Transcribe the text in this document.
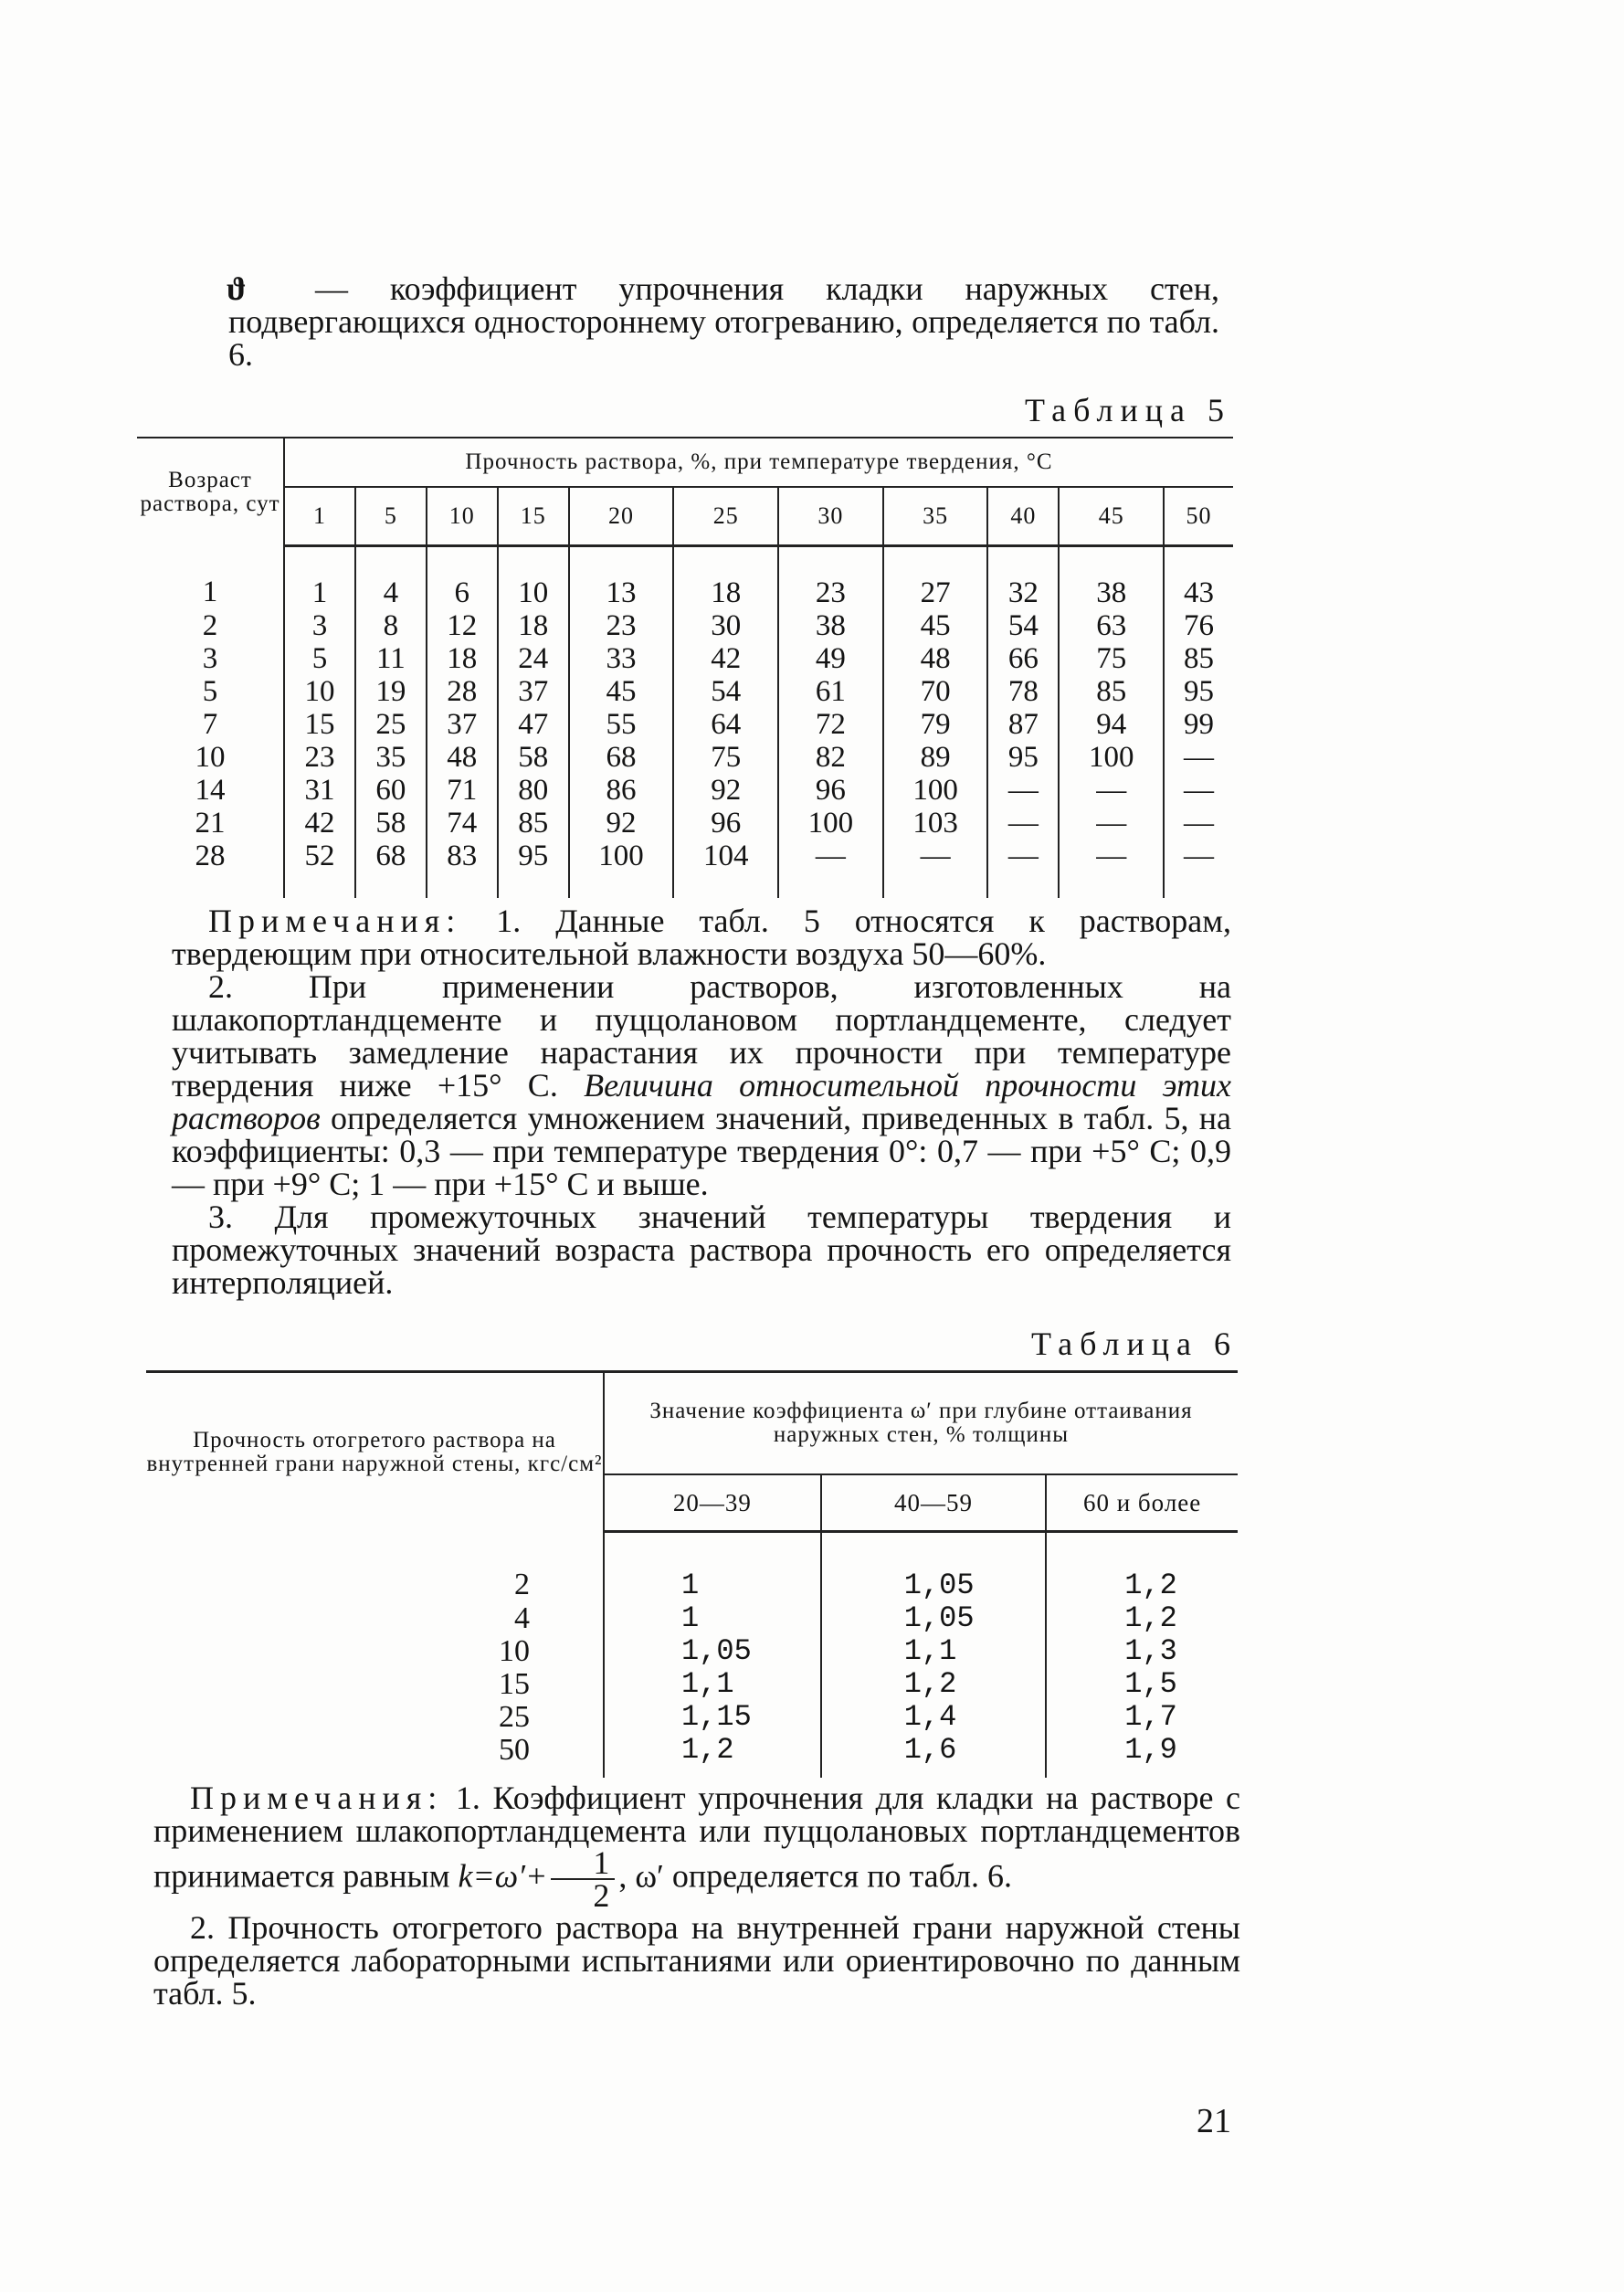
ϑ	— коэффициент упрочнения кладки наружных стен, подвергающихся одностороннему отогреванию, определяется по табл. 6.

Таблица 5
Возраст раствора, сут	Прочность раствора, %, при температуре твердения, °С										
	1	5	10	15	20	25	30	35	40	45	50
1	1	4	6	10	13	18	23	27	32	38	43
2	3	8	12	18	23	30	38	45	54	63	76
3	5	11	18	24	33	42	49	48	66	75	85
5	10	19	28	37	45	54	61	70	78	85	95
7	15	25	37	47	55	64	72	79	87	94	99
10	23	35	48	58	68	75	82	89	95	100	—
14	31	60	71	80	86	92	96	100	—	—	—
21	42	58	74	85	92	96	100	103	—	—	—
28	52	68	83	95	100	104	—	—	—	—	—

Примечания: 1. Данные табл. 5 относятся к растворам, твердеющим при относительной влажности воздуха 50—60%.

2. При применении растворов, изготовленных на шлакопортландцементе и пуццолановом портландцементе, следует учитывать замедление нарастания их прочности при температуре твердения ниже +15° С. Величина относительной прочности этих растворов определяется умножением значений, приведенных в табл. 5, на коэффициенты: 0,3 — при температуре твердения 0°: 0,7 — при +5° С; 0,9 — при +9° С; 1 — при +15° С и выше.

3. Для промежуточных значений температуры твердения и промежуточных значений возраста раствора прочность его определяется интерполяцией.

Таблица 6
Прочность отогретого раствора на внутренней грани наружной стены, кгс/см²	Значение коэффициента ω′ при глубине оттаивания наружных стен, % толщины		
	20—39	40—59	60 и более
2	1	1,05	1,2
4	1	1,05	1,2
10	1,05	1,1	1,3
15	1,1	1,2	1,5
25	1,15	1,4	1,7
50	1,2	1,6	1,9

Примечания: 1. Коэффициент упрочнения для кладки на растворе с применением шлакопортландцемента или пуццолановых портландцементов принимается равным $k=\omega'+ \frac{1}{2}$ , ω′ определяется по табл. 6.

2. Прочность отогретого раствора на внутренней грани наружной стены определяется лабораторными испытаниями или ориентировочно по данным табл. 5.

21
